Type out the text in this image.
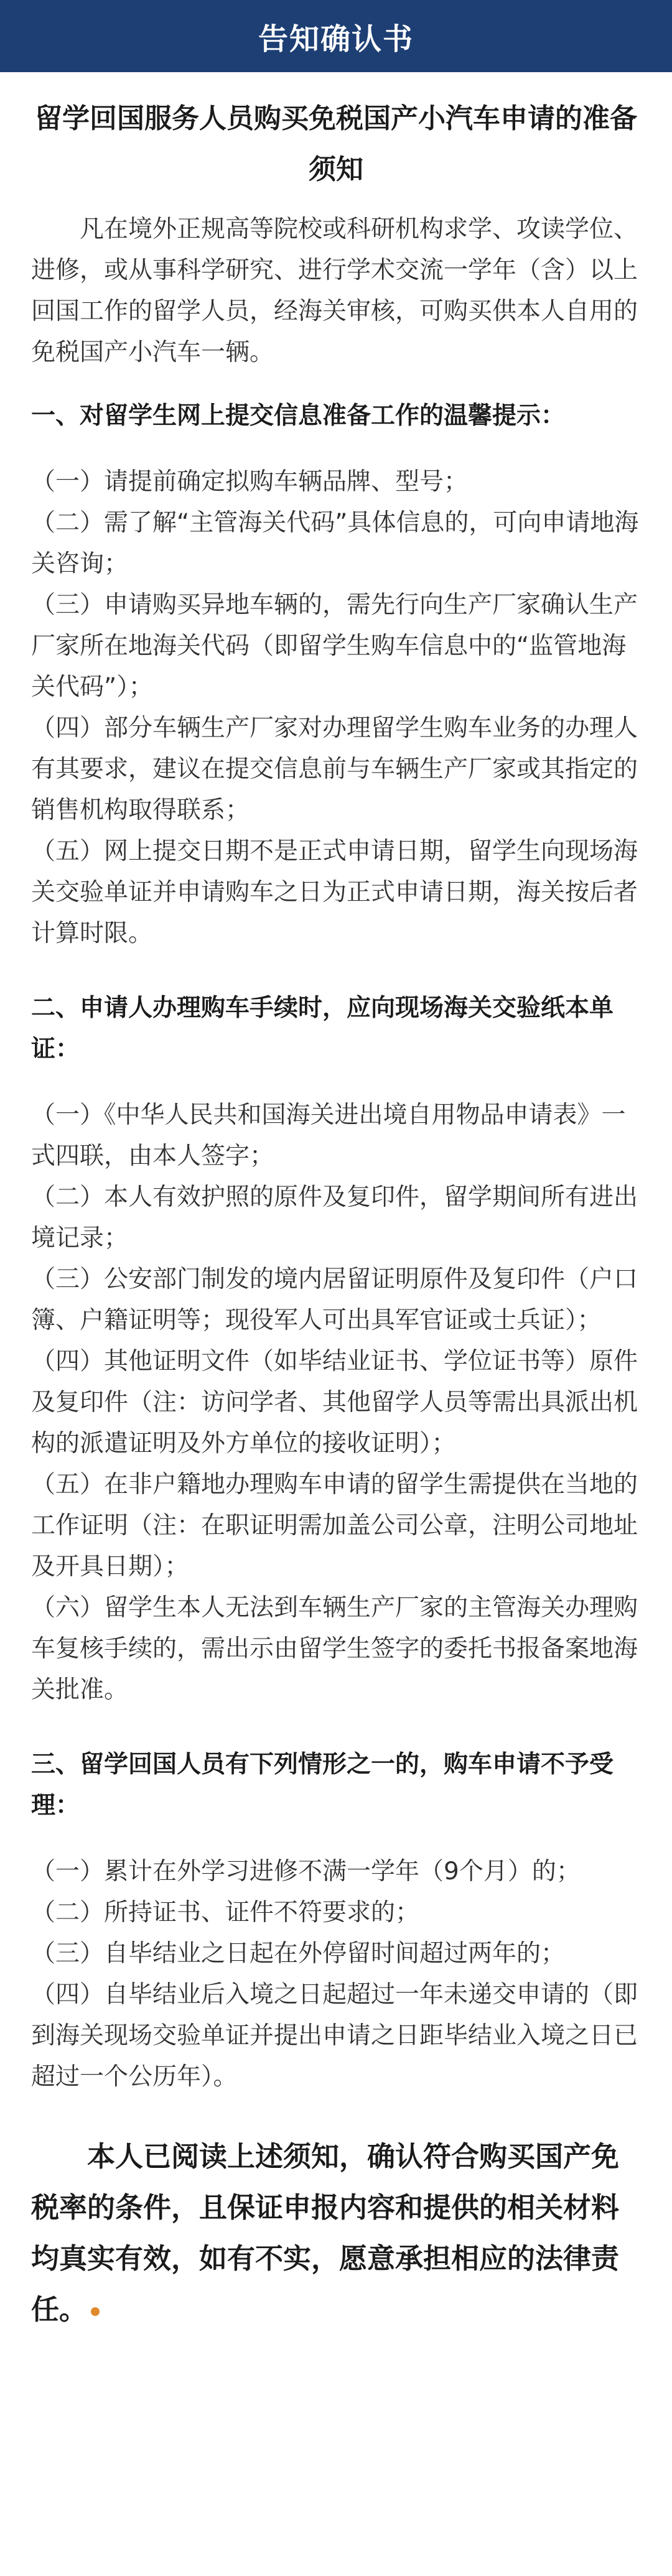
告知确认书
留学回国服务人员购买免税国产小汽车申请的准备须知

凡在境外正规高等院校或科研机构求学、攻读学位、进修，或从事科学研究、进行学术交流一学年（含）以上回国工作的留学人员，经海关审核，可购买供本人自用的免税国产小汽车一辆。

一、对留学生网上提交信息准备工作的温馨提示：

（一）请提前确定拟购车辆品牌、型号；

（二）需了解“主管海关代码”具体信息的，可向申请地海关咨询；

（三）申请购买异地车辆的，需先行向生产厂家确认生产厂家所在地海关代码（即留学生购车信息中的“监管地海关代码”）；

（四）部分车辆生产厂家对办理留学生购车业务的办理人有其要求，建议在提交信息前与车辆生产厂家或其指定的销售机构取得联系；

（五）网上提交日期不是正式申请日期，留学生向现场海关交验单证并申请购车之日为正式申请日期，海关按后者计算时限。

二、申请人办理购车手续时，应向现场海关交验纸本单证：

（一）《中华人民共和国海关进出境自用物品申请表》一式四联，由本人签字；

（二）本人有效护照的原件及复印件，留学期间所有进出境记录；

（三）公安部门制发的境内居留证明原件及复印件（户口簿、户籍证明等；现役军人可出具军官证或士兵证）；

（四）其他证明文件（如毕结业证书、学位证书等）原件及复印件（注：访问学者、其他留学人员等需出具派出机构的派遣证明及外方单位的接收证明）；

（五）在非户籍地办理购车申请的留学生需提供在当地的工作证明（注：在职证明需加盖公司公章，注明公司地址及开具日期）；

（六）留学生本人无法到车辆生产厂家的主管海关办理购车复核手续的，需出示由留学生签字的委托书报备案地海关批准。

三、留学回国人员有下列情形之一的，购车申请不予受理：

（一）累计在外学习进修不满一学年（9个月）的；

（二）所持证书、证件不符要求的；

（三）自毕结业之日起在外停留时间超过两年的；

（四）自毕结业后入境之日起超过一年未递交申请的（即到海关现场交验单证并提出申请之日距毕结业入境之日已超过一个公历年）。

本人已阅读上述须知，确认符合购买国产免税率的条件，且保证申报内容和提供的相关材料均真实有效，如有不实，愿意承担相应的法律责任。
